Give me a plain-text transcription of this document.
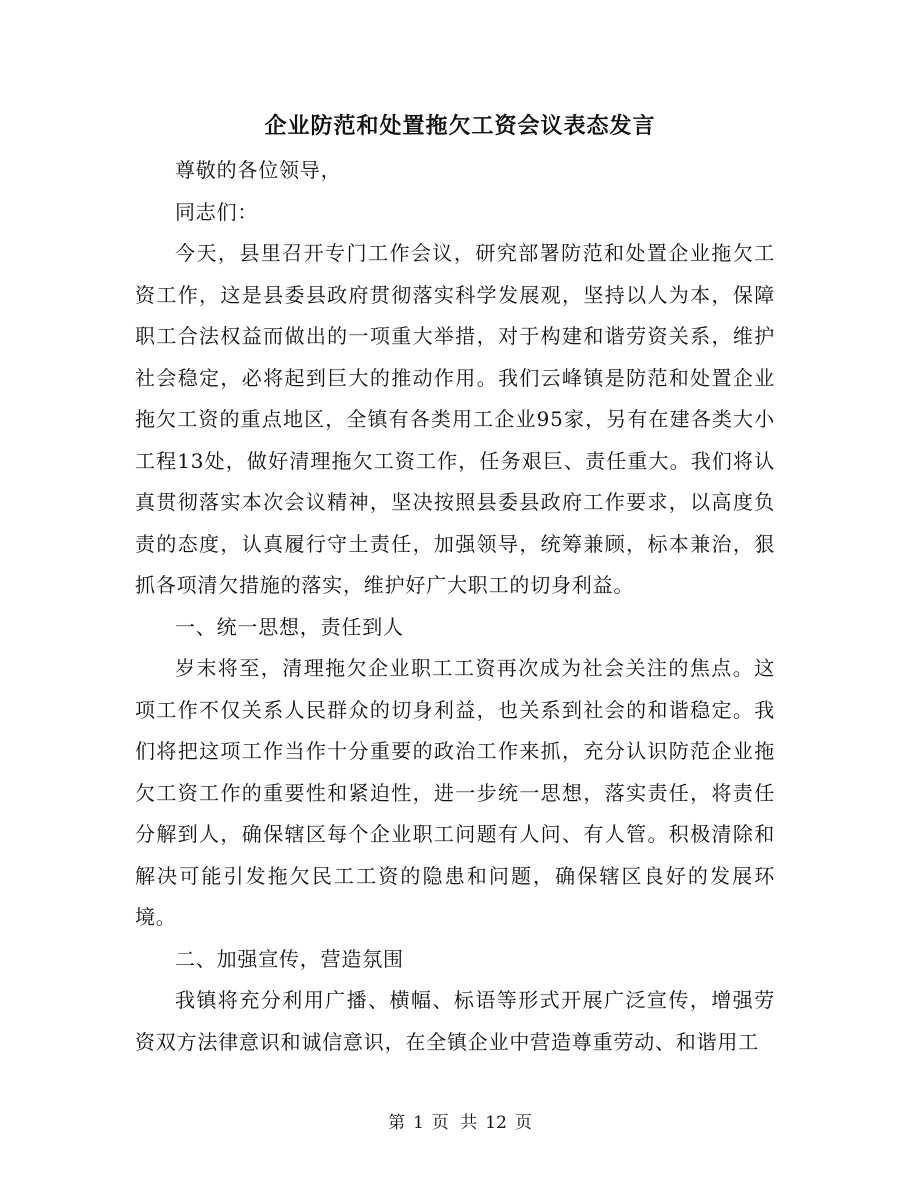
企业防范和处置拖欠工资会议表态发言

尊敬的各位领导，

同志们：

今天，县里召开专门工作会议，研究部署防范和处置企业拖欠工资工作，这是县委县政府贯彻落实科学发展观，坚持以人为本，保障职工合法权益而做出的一项重大举措，对于构建和谐劳资关系，维护社会稳定，必将起到巨大的推动作用。我们云峰镇是防范和处置企业拖欠工资的重点地区，全镇有各类用工企业95家，另有在建各类大小工程13处，做好清理拖欠工资工作，任务艰巨、责任重大。我们将认真贯彻落实本次会议精神，坚决按照县委县政府工作要求，以高度负责的态度，认真履行守土责任，加强领导，统筹兼顾，标本兼治，狠抓各项清欠措施的落实，维护好广大职工的切身利益。

一、统一思想，责任到人

岁末将至，清理拖欠企业职工工资再次成为社会关注的焦点。这项工作不仅关系人民群众的切身利益，也关系到社会的和谐稳定。我们将把这项工作当作十分重要的政治工作来抓，充分认识防范企业拖欠工资工作的重要性和紧迫性，进一步统一思想，落实责任，将责任分解到人，确保辖区每个企业职工问题有人问、有人管。积极清除和解决可能引发拖欠民工工资的隐患和问题，确保辖区良好的发展环境。

二、加强宣传，营造氛围

我镇将充分利用广播、横幅、标语等形式开展广泛宣传，增强劳资双方法律意识和诚信意识，在全镇企业中营造尊重劳动、和谐用工

第 1 页 共 12 页
